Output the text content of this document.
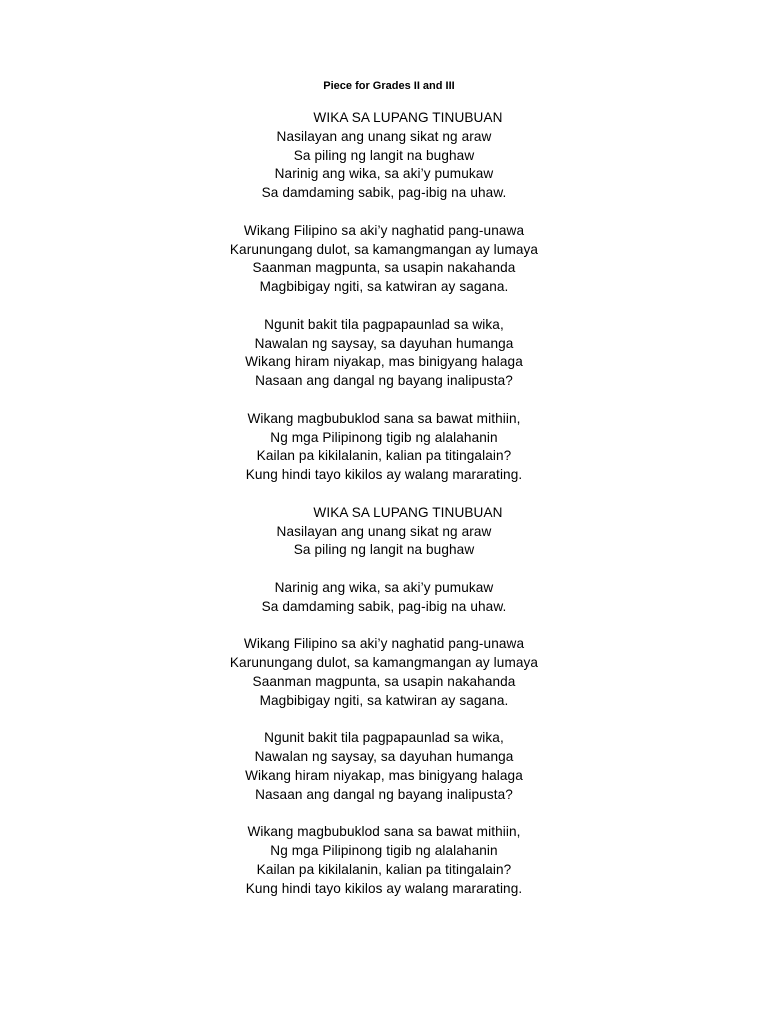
Piece for Grades II and III
WIKA SA LUPANG TINUBUAN
Nasilayan ang unang sikat ng araw
Sa piling ng langit na bughaw
Narinig ang wika, sa aki’y pumukaw
Sa damdaming sabik, pag-ibig na uhaw.
Wikang Filipino sa aki’y naghatid pang-unawa
Karunungang dulot, sa kamangmangan ay lumaya
Saanman magpunta, sa usapin nakahanda
Magbibigay ngiti, sa katwiran ay sagana.
Ngunit bakit tila pagpapaunlad sa wika,
Nawalan ng saysay, sa dayuhan humanga
Wikang hiram niyakap, mas binigyang halaga
Nasaan ang dangal ng bayang inalipusta?
Wikang magbubuklod sana sa bawat mithiin,
Ng mga Pilipinong tigib ng alalahanin
Kailan pa kikilalanin, kalian pa titingalain?
Kung hindi tayo kikilos ay walang mararating.
WIKA SA LUPANG TINUBUAN
Nasilayan ang unang sikat ng araw
Sa piling ng langit na bughaw
Narinig ang wika, sa aki’y pumukaw
Sa damdaming sabik, pag-ibig na uhaw.
Wikang Filipino sa aki’y naghatid pang-unawa
Karunungang dulot, sa kamangmangan ay lumaya
Saanman magpunta, sa usapin nakahanda
Magbibigay ngiti, sa katwiran ay sagana.
Ngunit bakit tila pagpapaunlad sa wika,
Nawalan ng saysay, sa dayuhan humanga
Wikang hiram niyakap, mas binigyang halaga
Nasaan ang dangal ng bayang inalipusta?
Wikang magbubuklod sana sa bawat mithiin,
Ng mga Pilipinong tigib ng alalahanin
Kailan pa kikilalanin, kalian pa titingalain?
Kung hindi tayo kikilos ay walang mararating.
